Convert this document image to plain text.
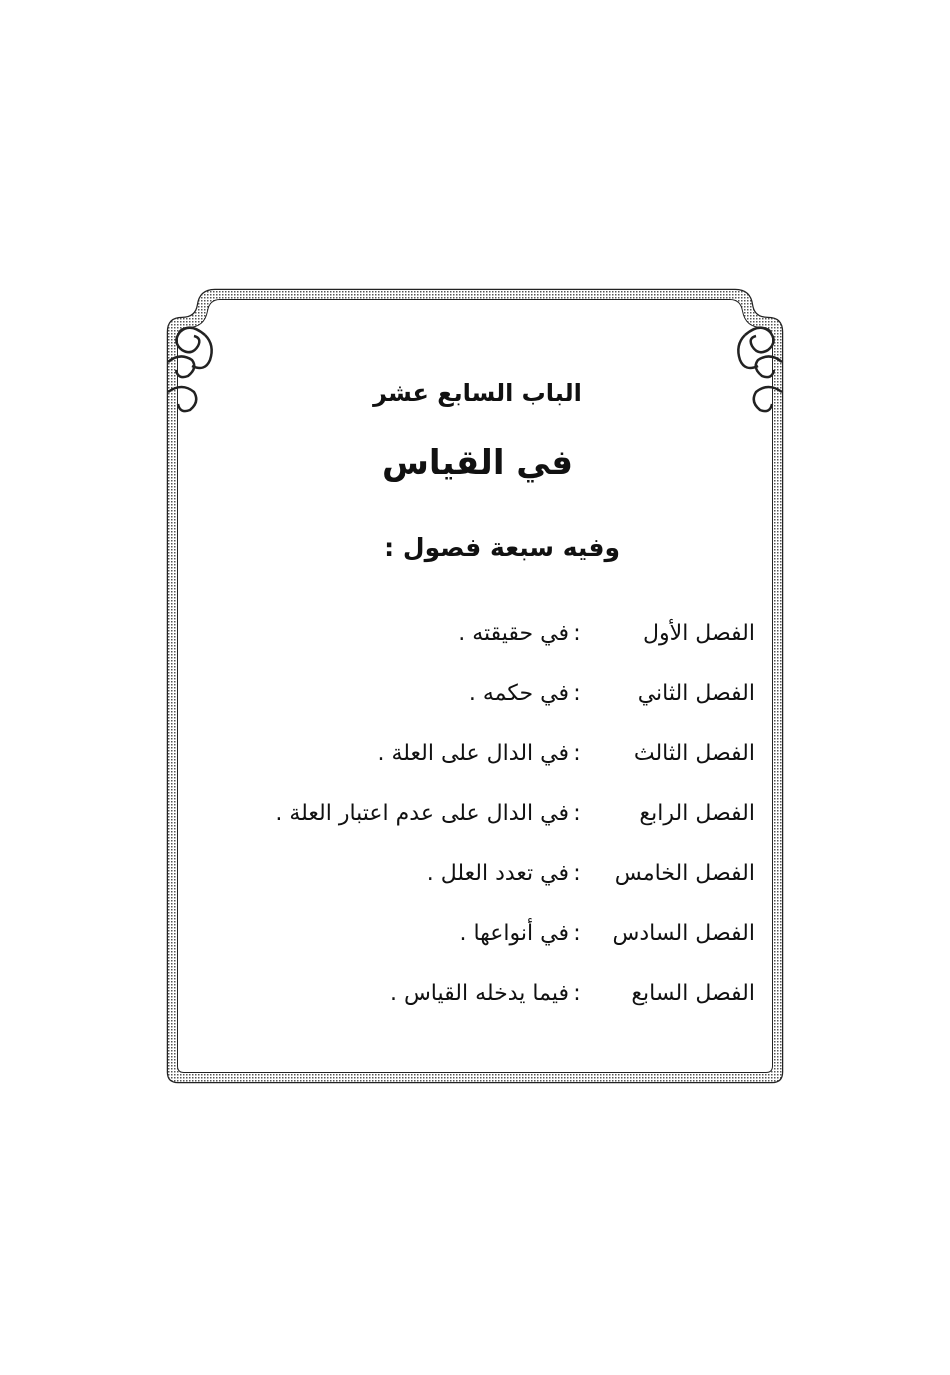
الباب السابع عشر
في القياس
وفيه سبعة فصول :
الفصل الأول
:
في حقيقته .
الفصل الثاني
:
في حكمه .
الفصل الثالث
:
في الدال على العلة .
الفصل الرابع
:
في الدال على عدم اعتبار العلة .
الفصل الخامس
:
في تعدد العلل .
الفصل السادس
:
في أنواعها .
الفصل السابع
:
فيما يدخله القياس .
